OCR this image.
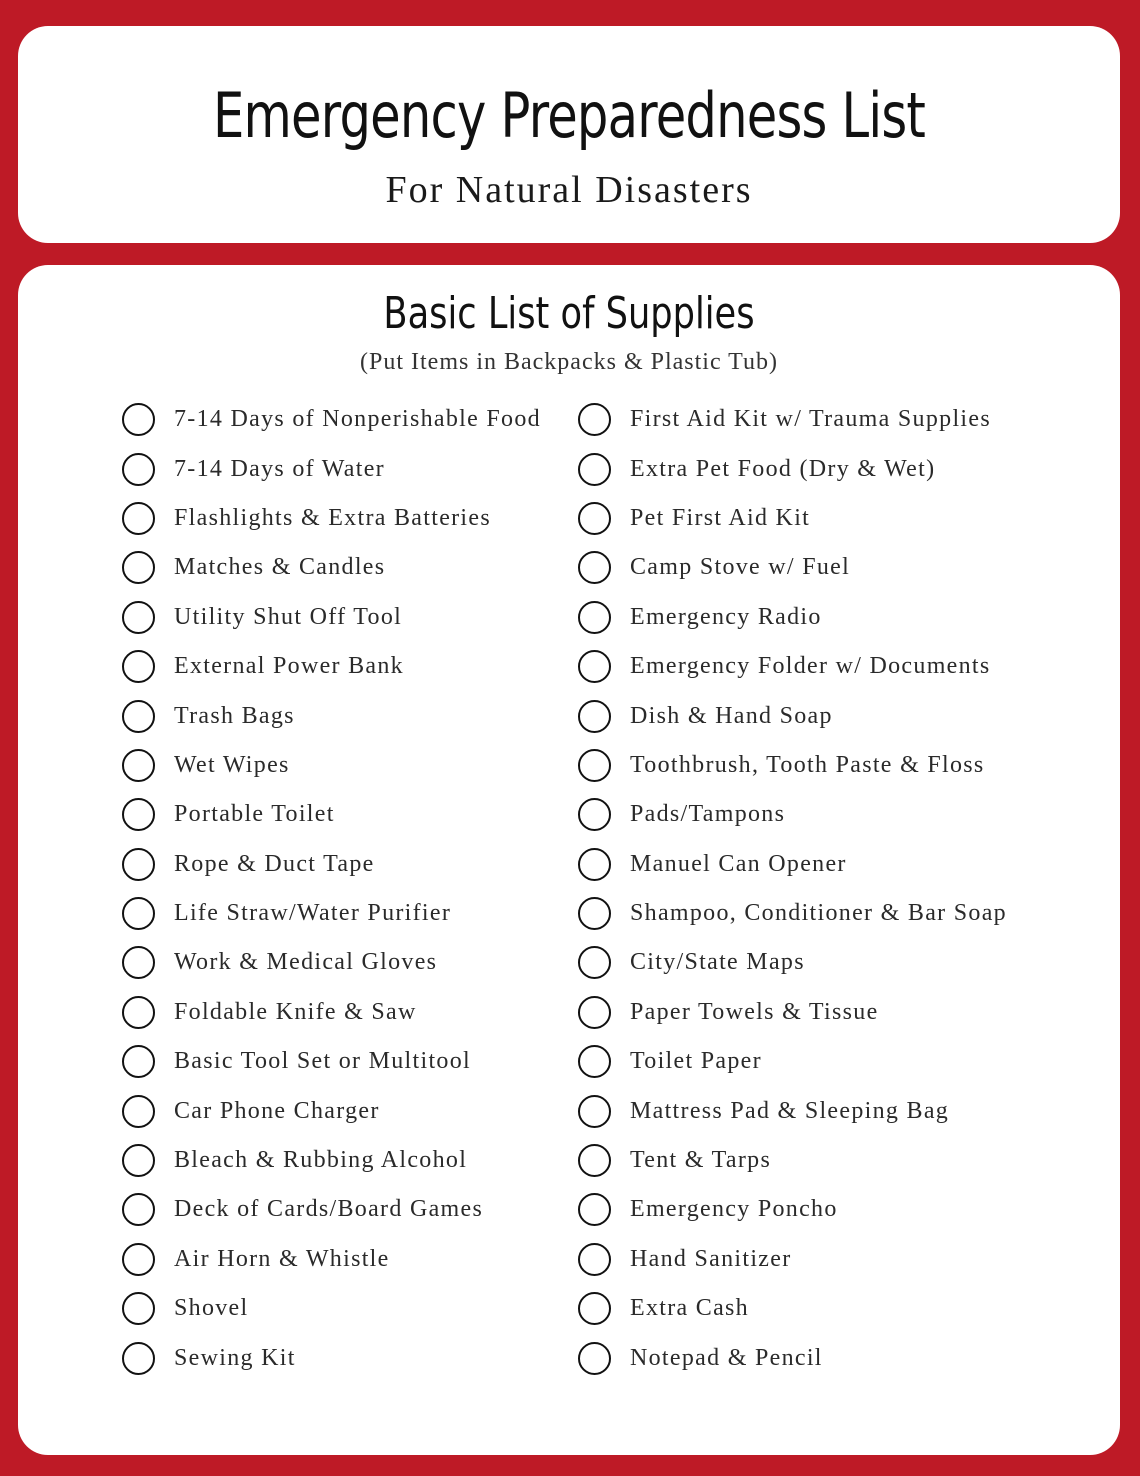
Emergency Preparedness List
For Natural Disasters
Basic List of Supplies
(Put Items in Backpacks & Plastic Tub)
7-14 Days of Nonperishable Food
7-14 Days of Water
Flashlights & Extra Batteries
Matches & Candles
Utility Shut Off Tool
External Power Bank
Trash Bags
Wet Wipes
Portable Toilet
Rope & Duct Tape
Life Straw/Water Purifier
Work & Medical Gloves
Foldable Knife & Saw
Basic Tool Set or Multitool
Car Phone Charger
Bleach & Rubbing Alcohol
Deck of Cards/Board Games
Air Horn & Whistle
Shovel
Sewing Kit
First Aid Kit w/ Trauma Supplies
Extra Pet Food (Dry & Wet)
Pet First Aid Kit
Camp Stove w/ Fuel
Emergency Radio
Emergency Folder w/ Documents
Dish & Hand Soap
Toothbrush, Tooth Paste & Floss
Pads/Tampons
Manuel Can Opener
Shampoo, Conditioner & Bar Soap
City/State Maps
Paper Towels & Tissue
Toilet Paper
Mattress Pad & Sleeping Bag
Tent & Tarps
Emergency Poncho
Hand Sanitizer
Extra Cash
Notepad & Pencil
